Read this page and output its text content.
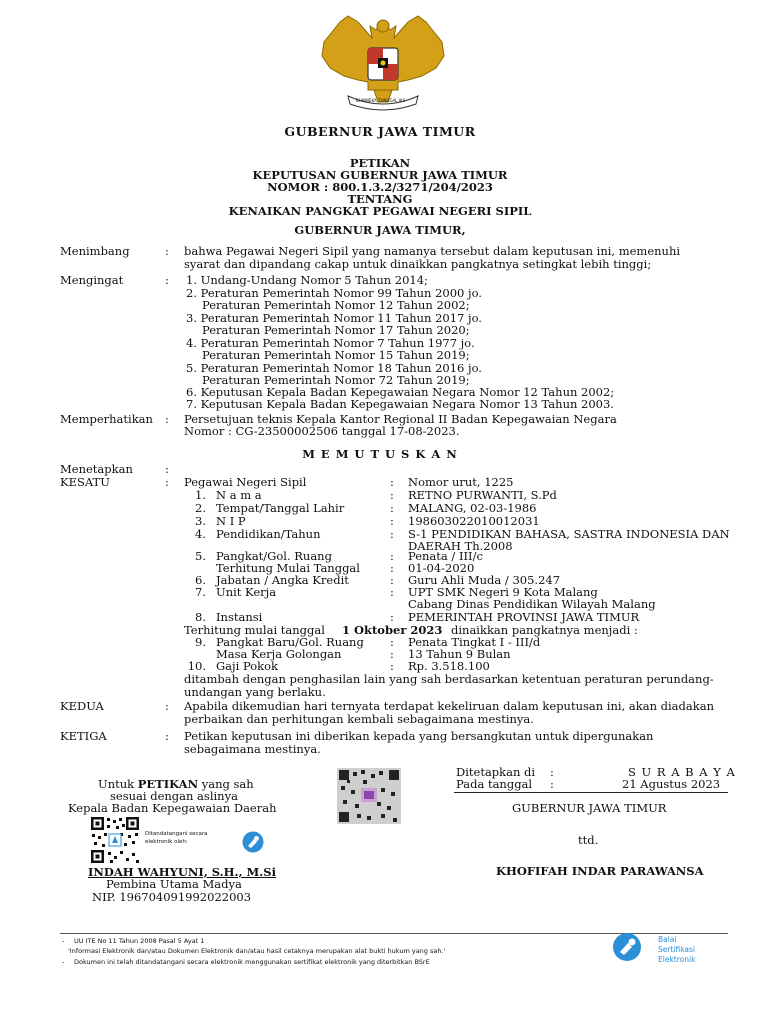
BHINNEKA TUNGGAL IKA
GUBERNUR JAWA TIMUR
PETIKAN
KEPUTUSAN GUBERNUR JAWA TIMUR
NOMOR : 800.1.3.2/3271/204/2023
TENTANG
KENAIKAN PANGKAT PEGAWAI NEGERI SIPIL
GUBERNUR JAWA TIMUR,
Menimbang	: bahwa Pegawai Negeri Sipil yang namanya tersebut dalam keputusan ini, memenuhi
syarat dan dipandang cakap untuk dinaikkan pangkatnya setingkat lebih tinggi;
Mengingat	: 1. Undang-Undang Nomor 5 Tahun 2014;
2. Peraturan Pemerintah Nomor 99 Tahun 2000 jo.
Peraturan Pemerintah Nomor 12 Tahun 2002;
3. Peraturan Pemerintah Nomor 11 Tahun 2017 jo.
Peraturan Pemerintah Nomor 17 Tahun 2020;
4. Peraturan Pemerintah Nomor 7 Tahun 1977 jo.
Peraturan Pemerintah Nomor 15 Tahun 2019;
5. Peraturan Pemerintah Nomor 18 Tahun 2016 jo.
Peraturan Pemerintah Nomor 72 Tahun 2019;
6. Keputusan Kepala Badan Kepegawaian Negara Nomor 12 Tahun 2002;
7. Keputusan Kepala Badan Kepegawaian Negara Nomor 13 Tahun 2003.
Memperhatikan : Persetujuan teknis Kepala Kantor Regional II Badan Kepegawaian Negara
Nomor : CG-23500002506 tanggal 17-08-2023.
M E M U T U S K A N
Menetapkan	:
KESATU	: Pegawai Negeri Sipil	: Nomor urut, 1225
1. N a m a	: RETNO PURWANTI, S.Pd
2. Tempat/Tanggal Lahir	: MALANG, 02-03-1986
3. N I P	: 198603022010012031
4. Pendidikan/Tahun	: S-1 PENDIDIKAN BAHASA, SASTRA INDONESIA DAN
DAERAH Th.2008
5. Pangkat/Gol. Ruang	: Penata / III/c
Terhitung Mulai Tanggal	: 01-04-2020
6. Jabatan / Angka Kredit	: Guru Ahli Muda / 305.247
7. Unit Kerja	: UPT SMK Negeri 9 Kota Malang
Cabang Dinas Pendidikan Wilayah Malang
8. Instansi	: PEMERINTAH PROVINSI JAWA TIMUR
Terhitung mulai tanggal 1 Oktober 2023 dinaikkan pangkatnya menjadi :
9. Pangkat Baru/Gol. Ruang : Penata Tingkat I - III/d
Masa Kerja Golongan	: 13 Tahun 9 Bulan
10. Gaji Pokok	: Rp. 3.518.100
ditambah dengan penghasilan lain yang sah berdasarkan ketentuan peraturan perundang-
undangan yang berlaku.
KEDUA	: Apabila dikemudian hari ternyata terdapat kekeliruan dalam keputusan ini, akan diadakan
perbaikan dan perhitungan kembali sebagaimana mestinya.
KETIGA	: Petikan keputusan ini diberikan kepada yang bersangkutan untuk dipergunakan
sebagaimana mestinya.
Untuk PETIKAN yang sah
sesuai dengan aslinya
Kepala Badan Kepegawaian Daerah
Ditandatangani secara
elektronik oleh:
INDAH WAHYUNI, S.H., M.Si
Pembina Utama Madya
NIP. 196704091992022003
Ditetapkan di :	S U R A B A Y A
Pada tanggal :	21 Agustus 2023
GUBERNUR JAWA TIMUR
ttd.
KHOFIFAH INDAR PARAWANSA
- UU ITE No 11 Tahun 2008 Pasal 5 Ayat 1
'Informasi Elektronik dan/atau Dokumen Elektronik dan/atau hasil cetaknya merupakan alat bukti hukum yang sah.'
- Dokumen ini telah ditandatangani secara elektronik menggunakan sertifikat elektronik yang diterbitkan BSrE
Balai
Sertifikasi
Elektronik
